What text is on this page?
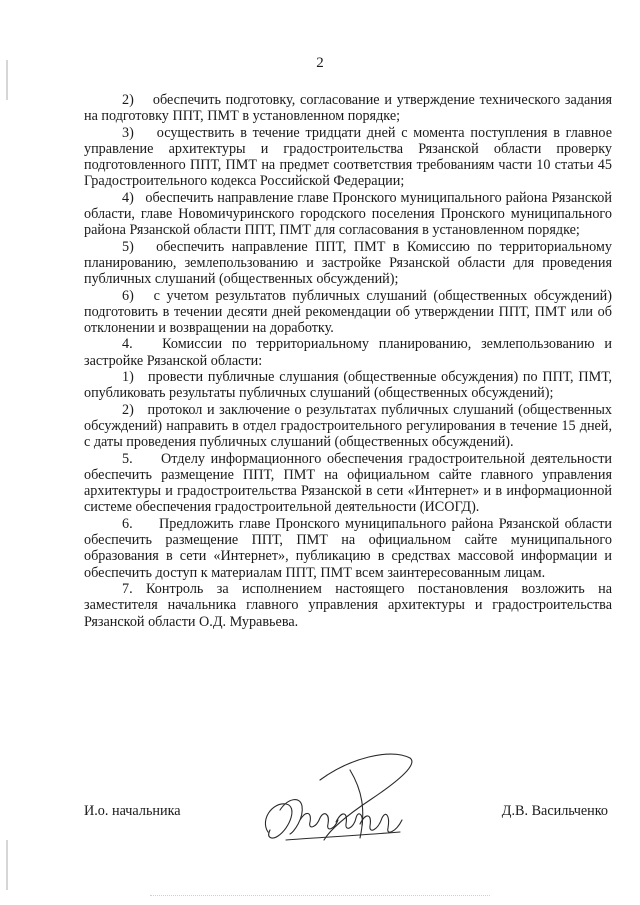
2

2)    обеспечить подготовку, согласование и утверждение технического задания на подготовку ППТ, ПМТ в установленном порядке;

3)    осуществить в течение тридцати дней с момента поступления в главное управление архитектуры и градостроительства Рязанской области проверку подготовленного ППТ, ПМТ на предмет соответствия требованиям части 10 статьи 45 Градостроительного кодекса Российской Федерации;

4)   обеспечить направление главе Пронского муниципального района Рязанской области, главе Новомичуринского городского поселения Пронского муниципального района Рязанской области ППТ, ПМТ для согласования в установленном порядке;

5)   обеспечить направление ППТ, ПМТ в Комиссию по территориальному планированию, землепользованию и застройке Рязанской области для проведения публичных слушаний (общественных обсуждений);

6)   с учетом результатов публичных слушаний (общественных обсуждений) подготовить в течении десяти дней рекомендации об утверждении ППТ, ПМТ или об отклонении и возвращении на доработку.

4.   Комиссии по территориальному планированию, землепользованию и застройке Рязанской области:

1)   провести публичные слушания (общественные обсуждения) по ППТ, ПМТ, опубликовать результаты публичных слушаний (общественных обсуждений);

2)   протокол и заключение о результатах публичных слушаний (общественных обсуждений) направить в отдел градостроительного регулирования в течение 15 дней, с даты проведения публичных слушаний (общественных обсуждений).

5.     Отделу информационного обеспечения градостроительной деятельности обеспечить размещение ППТ, ПМТ на официальном сайте главного управления архитектуры и градостроительства Рязанской в сети «Интернет» и в информационной системе обеспечения градостроительной деятельности (ИСОГД).

6.     Предложить главе Пронского муниципального района Рязанской области обеспечить размещение ППТ, ПМТ на официальном сайте муниципального образования в сети «Интернет», публикацию в средствах массовой информации и обеспечить доступ к материалам ППТ, ПМТ всем заинтересованным лицам.

7. Контроль за исполнением настоящего постановления возложить на заместителя начальника главного управления архитектуры и градостроительства Рязанской области О.Д. Муравьева.

И.о. начальника	Д.В. Васильченко
